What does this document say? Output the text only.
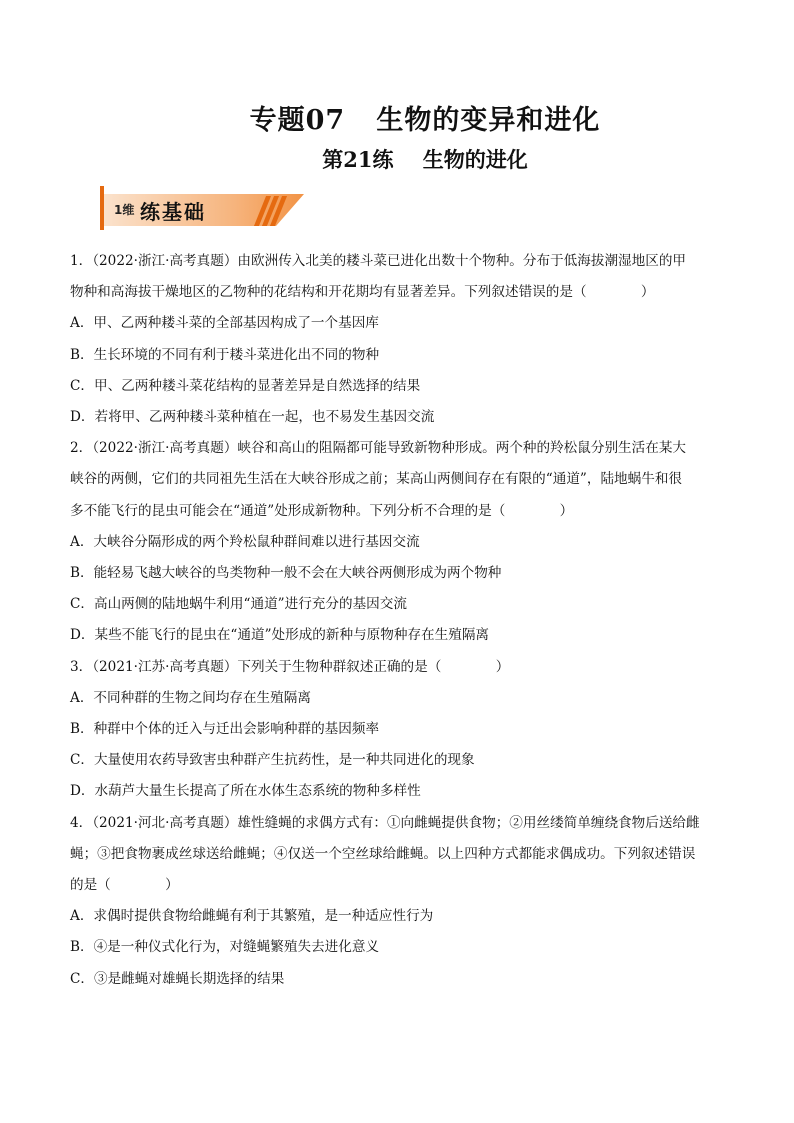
专题07   生物的变异和进化
第21练    生物的进化
1维 练基础
1．（2022·浙江·高考真题）由欧洲传入北美的耧斗菜已进化出数十个物种。分布于低海拔潮湿地区的甲
物种和高海拔干燥地区的乙物种的花结构和开花期均有显著差异。下列叙述错误的是（　　　　）
A．甲、乙两种耧斗菜的全部基因构成了一个基因库
B．生长环境的不同有利于耧斗菜进化出不同的物种
C．甲、乙两种耧斗菜花结构的显著差异是自然选择的结果
D．若将甲、乙两种耧斗菜种植在一起，也不易发生基因交流
2．（2022·浙江·高考真题）峡谷和高山的阻隔都可能导致新物种形成。两个种的羚松鼠分别生活在某大
峡谷的两侧，它们的共同祖先生活在大峡谷形成之前；某高山两侧间存在有限的“通道”，陆地蜗牛和很
多不能飞行的昆虫可能会在“通道”处形成新物种。下列分析不合理的是（　　　　）
A．大峡谷分隔形成的两个羚松鼠种群间难以进行基因交流
B．能轻易飞越大峡谷的鸟类物种一般不会在大峡谷两侧形成为两个物种
C．高山两侧的陆地蜗牛利用“通道”进行充分的基因交流
D．某些不能飞行的昆虫在“通道”处形成的新种与原物种存在生殖隔离
3．（2021·江苏·高考真题）下列关于生物种群叙述正确的是（　　　　）
A．不同种群的生物之间均存在生殖隔离
B．种群中个体的迁入与迁出会影响种群的基因频率
C．大量使用农药导致害虫种群产生抗药性，是一种共同进化的现象
D．水葫芦大量生长提高了所在水体生态系统的物种多样性
4．（2021·河北·高考真题）雄性缝蝇的求偶方式有：①向雌蝇提供食物；②用丝缕简单缠绕食物后送给雌
蝇；③把食物裹成丝球送给雌蝇；④仅送一个空丝球给雌蝇。以上四种方式都能求偶成功。下列叙述错误
的是（　　　　）
A．求偶时提供食物给雌蝇有利于其繁殖，是一种适应性行为
B．④是一种仪式化行为，对缝蝇繁殖失去进化意义
C．③是雌蝇对雄蝇长期选择的结果
